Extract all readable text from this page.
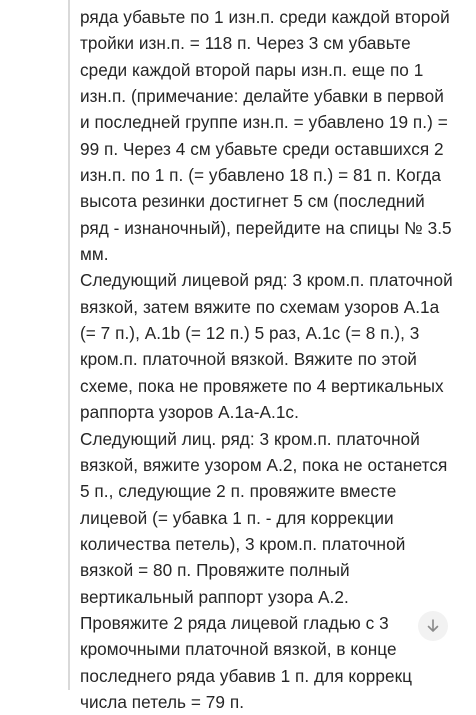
ряда убавьте по 1 изн.п. среди каждой второй
тройки изн.п. = 118 п. Через 3 см убавьте
среди каждой второй пары изн.п. еще по 1
изн.п. (примечание: делайте убавки в первой
и последней группе изн.п. = убавлено 19 п.) =
99 п. Через 4 см убавьте среди оставшихся 2
изн.п. по 1 п. (= убавлено 18 п.) = 81 п. Когда
высота резинки достигнет 5 см (последний
ряд - изнаночный), перейдите на спицы № 3.5
мм.
Следующий лицевой ряд: 3 кром.п. платочной
вязкой, затем вяжите по схемам узоров А.1а
(= 7 п.), А.1b (= 12 п.) 5 раз, А.1с (= 8 п.), 3
кром.п. платочной вязкой. Вяжите по этой
схеме, пока не провяжете по 4 вертикальных
раппорта узоров А.1а-А.1с.
Следующий лиц. ряд: 3 кром.п. платочной
вязкой, вяжите узором А.2, пока не останется
5 п., следующие 2 п. провяжите вместе
лицевой (= убавка 1 п. - для коррекции
количества петель), 3 кром.п. платочной
вязкой = 80 п. Провяжите полный
вертикальный раппорт узора А.2.
Провяжите 2 ряда лицевой гладью с 3
кромочными платочной вязкой, в конце
последнего ряда убавив 1 п. для коррекц
числа петель = 79 п.
